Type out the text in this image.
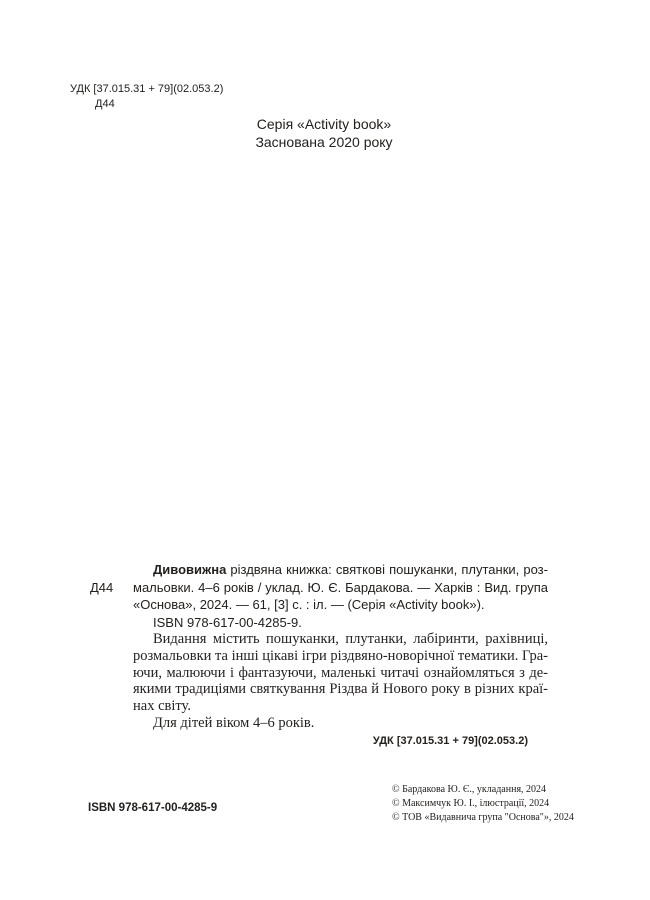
УДК [37.015.31 + 79](02.053.2)
Д44
Серія «Activity book»
Заснована 2020 року
Д44

Дивовижна різдвяна книжка: святкові пошуканки, плутанки, розмальовки. 4–6 років / уклад. Ю. Є. Бардакова. — Харків : Вид. група «Основа», 2024. — 61, [3] с. : іл. — (Серія «Activity book»).

ISBN 978-617-00-4285-9.

Видання містить пошуканки, плутанки, лабіринти, рахівниці, розмальовки та інші цікаві ігри різдвяно-новорічної тематики. Граючи, малюючи і фантазуючи, маленькі читачі ознайомляться з деякими традиціями святкування Різдва й Нового року в різних країнах світу.

Для дітей віком 4–6 років.

УДК [37.015.31 + 79](02.053.2)

ISBN 978-617-00-4285-9
© Бардакова Ю. Є., укладання, 2024
© Максимчук Ю. І., ілюстрації, 2024
© ТОВ «Видавнича група "Основа"», 2024
